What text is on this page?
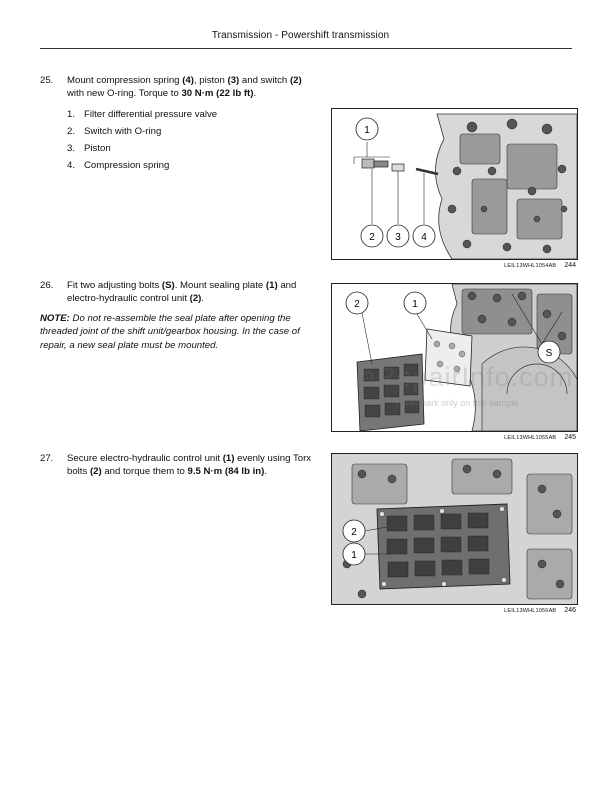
Transmission - Powershift transmission
25. Mount compression spring (4), piston (3) and switch (2) with new O-ring. Torque to 30 N·m (22 lb ft).
1. Filter differential pressure valve
2. Switch with O-ring
3. Piston
4. Compression spring
1
2 3 4
LEIL13WHL1054AB 244
26. Fit two adjusting bolts (S). Mount sealing plate (1) and electro-hydraulic control unit (2).
NOTE: Do not re-assemble the seal plate after opening the threaded joint of the shift unit/gearbox housing. In the case of repair, a new seal plate must be mounted.
2	1
S
LEIL13WHL1055AB 245
eRepairInfo.com
Watermark only on this sample
27. Secure electro-hydraulic control unit (1) evenly using Torx bolts (2) and torque them to 9.5 N·m (84 lb in).
2
1
LEIL13WHL1056AB 246
